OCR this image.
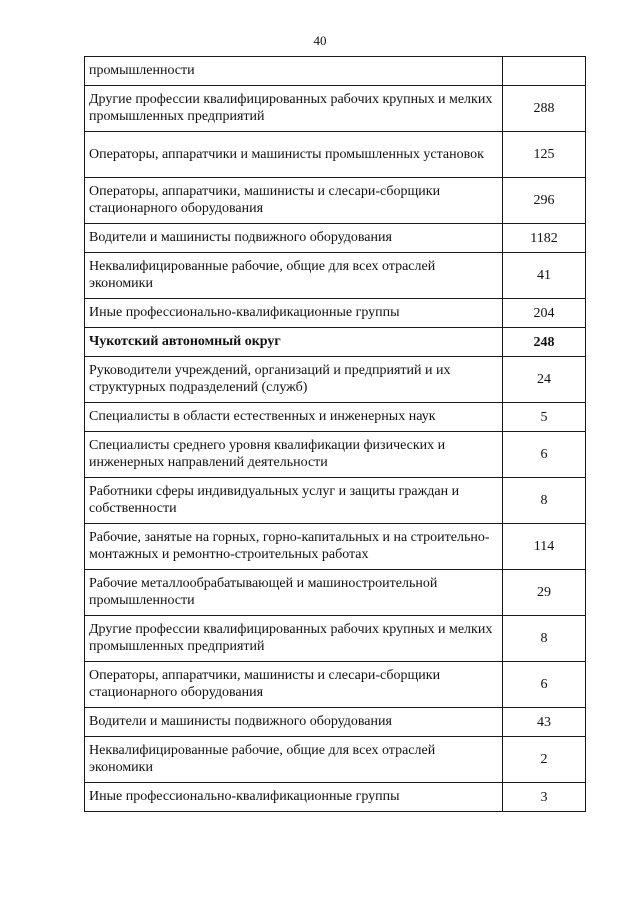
40
промышленности	
Другие профессии квалифицированных рабочих крупных и мелких промышленных предприятий	288
Операторы, аппаратчики и машинисты промышленных установок	125
Операторы, аппаратчики, машинисты и слесари-сборщики стационарного оборудования	296
Водители и машинисты подвижного оборудования	1182
Неквалифицированные рабочие, общие для всех отраслей экономики	41
Иные профессионально-квалификационные группы	204
Чукотский автономный округ	248
Руководители учреждений, организаций и предприятий и их структурных подразделений (служб)	24
Специалисты в области естественных и инженерных наук	5
Специалисты среднего уровня квалификации физических и инженерных направлений деятельности	6
Работники сферы индивидуальных услуг и защиты граждан и собственности	8
Рабочие, занятые на горных, горно-капитальных и на строительно-монтажных и ремонтно-строительных работах	114
Рабочие металлообрабатывающей и машиностроительной промышленности	29
Другие профессии квалифицированных рабочих крупных и мелких промышленных предприятий	8
Операторы, аппаратчики, машинисты и слесари-сборщики стационарного оборудования	6
Водители и машинисты подвижного оборудования	43
Неквалифицированные рабочие, общие для всех отраслей экономики	2
Иные профессионально-квалификационные группы	3
